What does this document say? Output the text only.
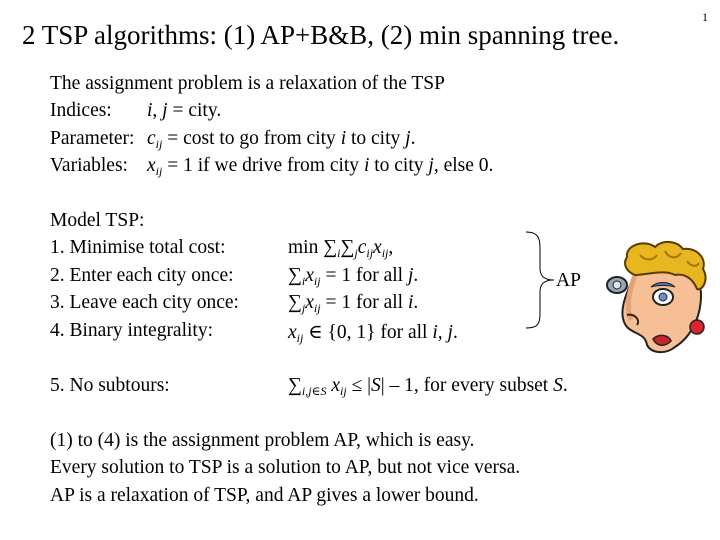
1
2 TSP algorithms: (1) AP+B&B, (2) min spanning tree.
The assignment problem is a relaxation of the TSP
Indices: i, j = city.
Parameter: $c_{ij} = \cos t$ to go from city i to city j.
Variables: $x_{ij} = 1$ if we drive from city i to city j, else 0.
Model TSP:
1. Minimise total cost:	$\min \sum_i\sum_jc_{ij}x_{ij}$,
2. Enter each city once:	$\sum_ix_{ij} = 1$ for all j.
3. Leave each city once:	$\sum_jx_{ij} = 1$ for all i.
4. Binary integrality:	$x_{ij}$ ∈ {0, 1} for all i, j.
5. No subtours:	$\sum_{i,j\in S}$ $x_{ij} \le |S| - 1$, for every subset S.
(1) to (4) is the assignment problem AP, which is easy.
Every solution to TSP is a solution to AP, but not vice versa.
AP is a relaxation of TSP, and AP gives a lower bound.
AP
